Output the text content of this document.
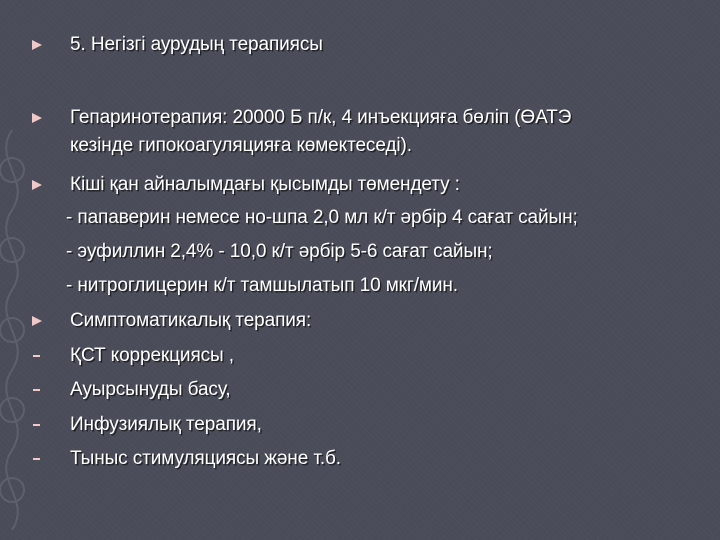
5. Негізгі аурудың терапиясы
Гепаринотерапия: 20000 Б п/к, 4 инъекцияға бөліп (ӨАТЭ
кезінде гипокоагуляцияға көмектеседі).
Кіші қан айналымдағы қысымды төмендету :
- папаверин немесе но-шпа 2,0 мл к/т әрбір 4 сағат сайын;
- эуфиллин 2,4% - 10,0 к/т әрбір 5-6 сағат сайын;
- нитроглицерин к/т тамшылатып 10 мкг/мин.
Симптоматикалық терапия:
ҚСТ коррекциясы ,
Ауырсынуды басу,
Инфузиялық терапия,
Тыныс стимуляциясы және т.б.
